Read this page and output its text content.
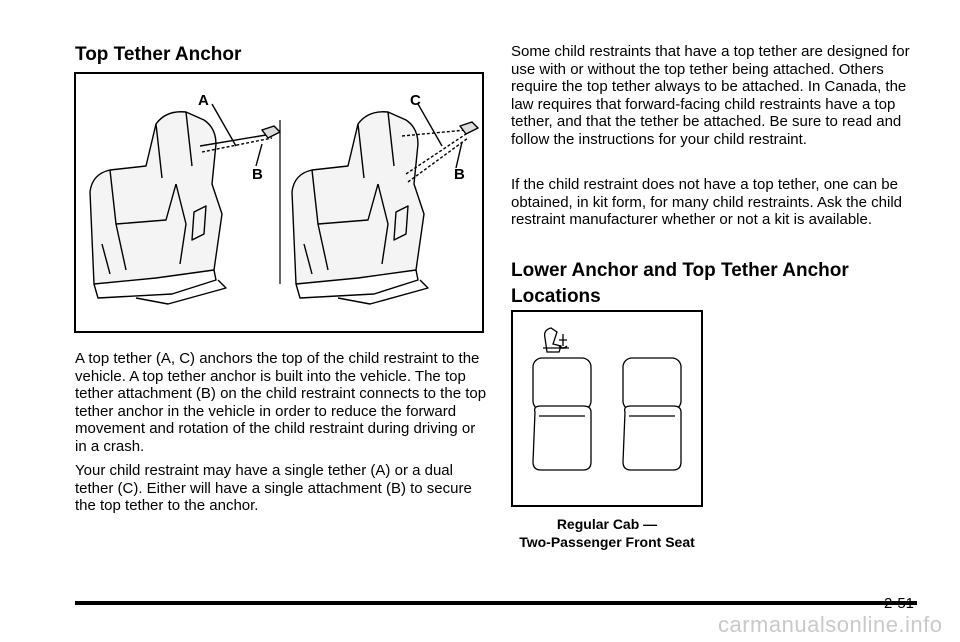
Top Tether Anchor
A
B
C
B

A top tether (A, C) anchors the top of the child restraint to the vehicle. A top tether anchor is built into the vehicle. The top tether attachment (B) on the child restraint connects to the top tether anchor in the vehicle in order to reduce the forward movement and rotation of the child restraint during driving or in a crash.

Your child restraint may have a single tether (A) or a dual tether (C). Either will have a single attachment (B) to secure the top tether to the anchor.

Some child restraints that have a top tether are designed for use with or without the top tether being attached. Others require the top tether always to be attached. In Canada, the law requires that forward-facing child restraints have a top tether, and that the tether be attached. Be sure to read and follow the instructions for your child restraint.

If the child restraint does not have a top tether, one can be obtained, in kit form, for many child restraints. Ask the child restraint manufacturer whether or not a kit is available.

Lower Anchor and Top Tether Anchor
Locations
Regular Cab —
Two-Passenger Front Seat
2-51
carmanualsonline.info
